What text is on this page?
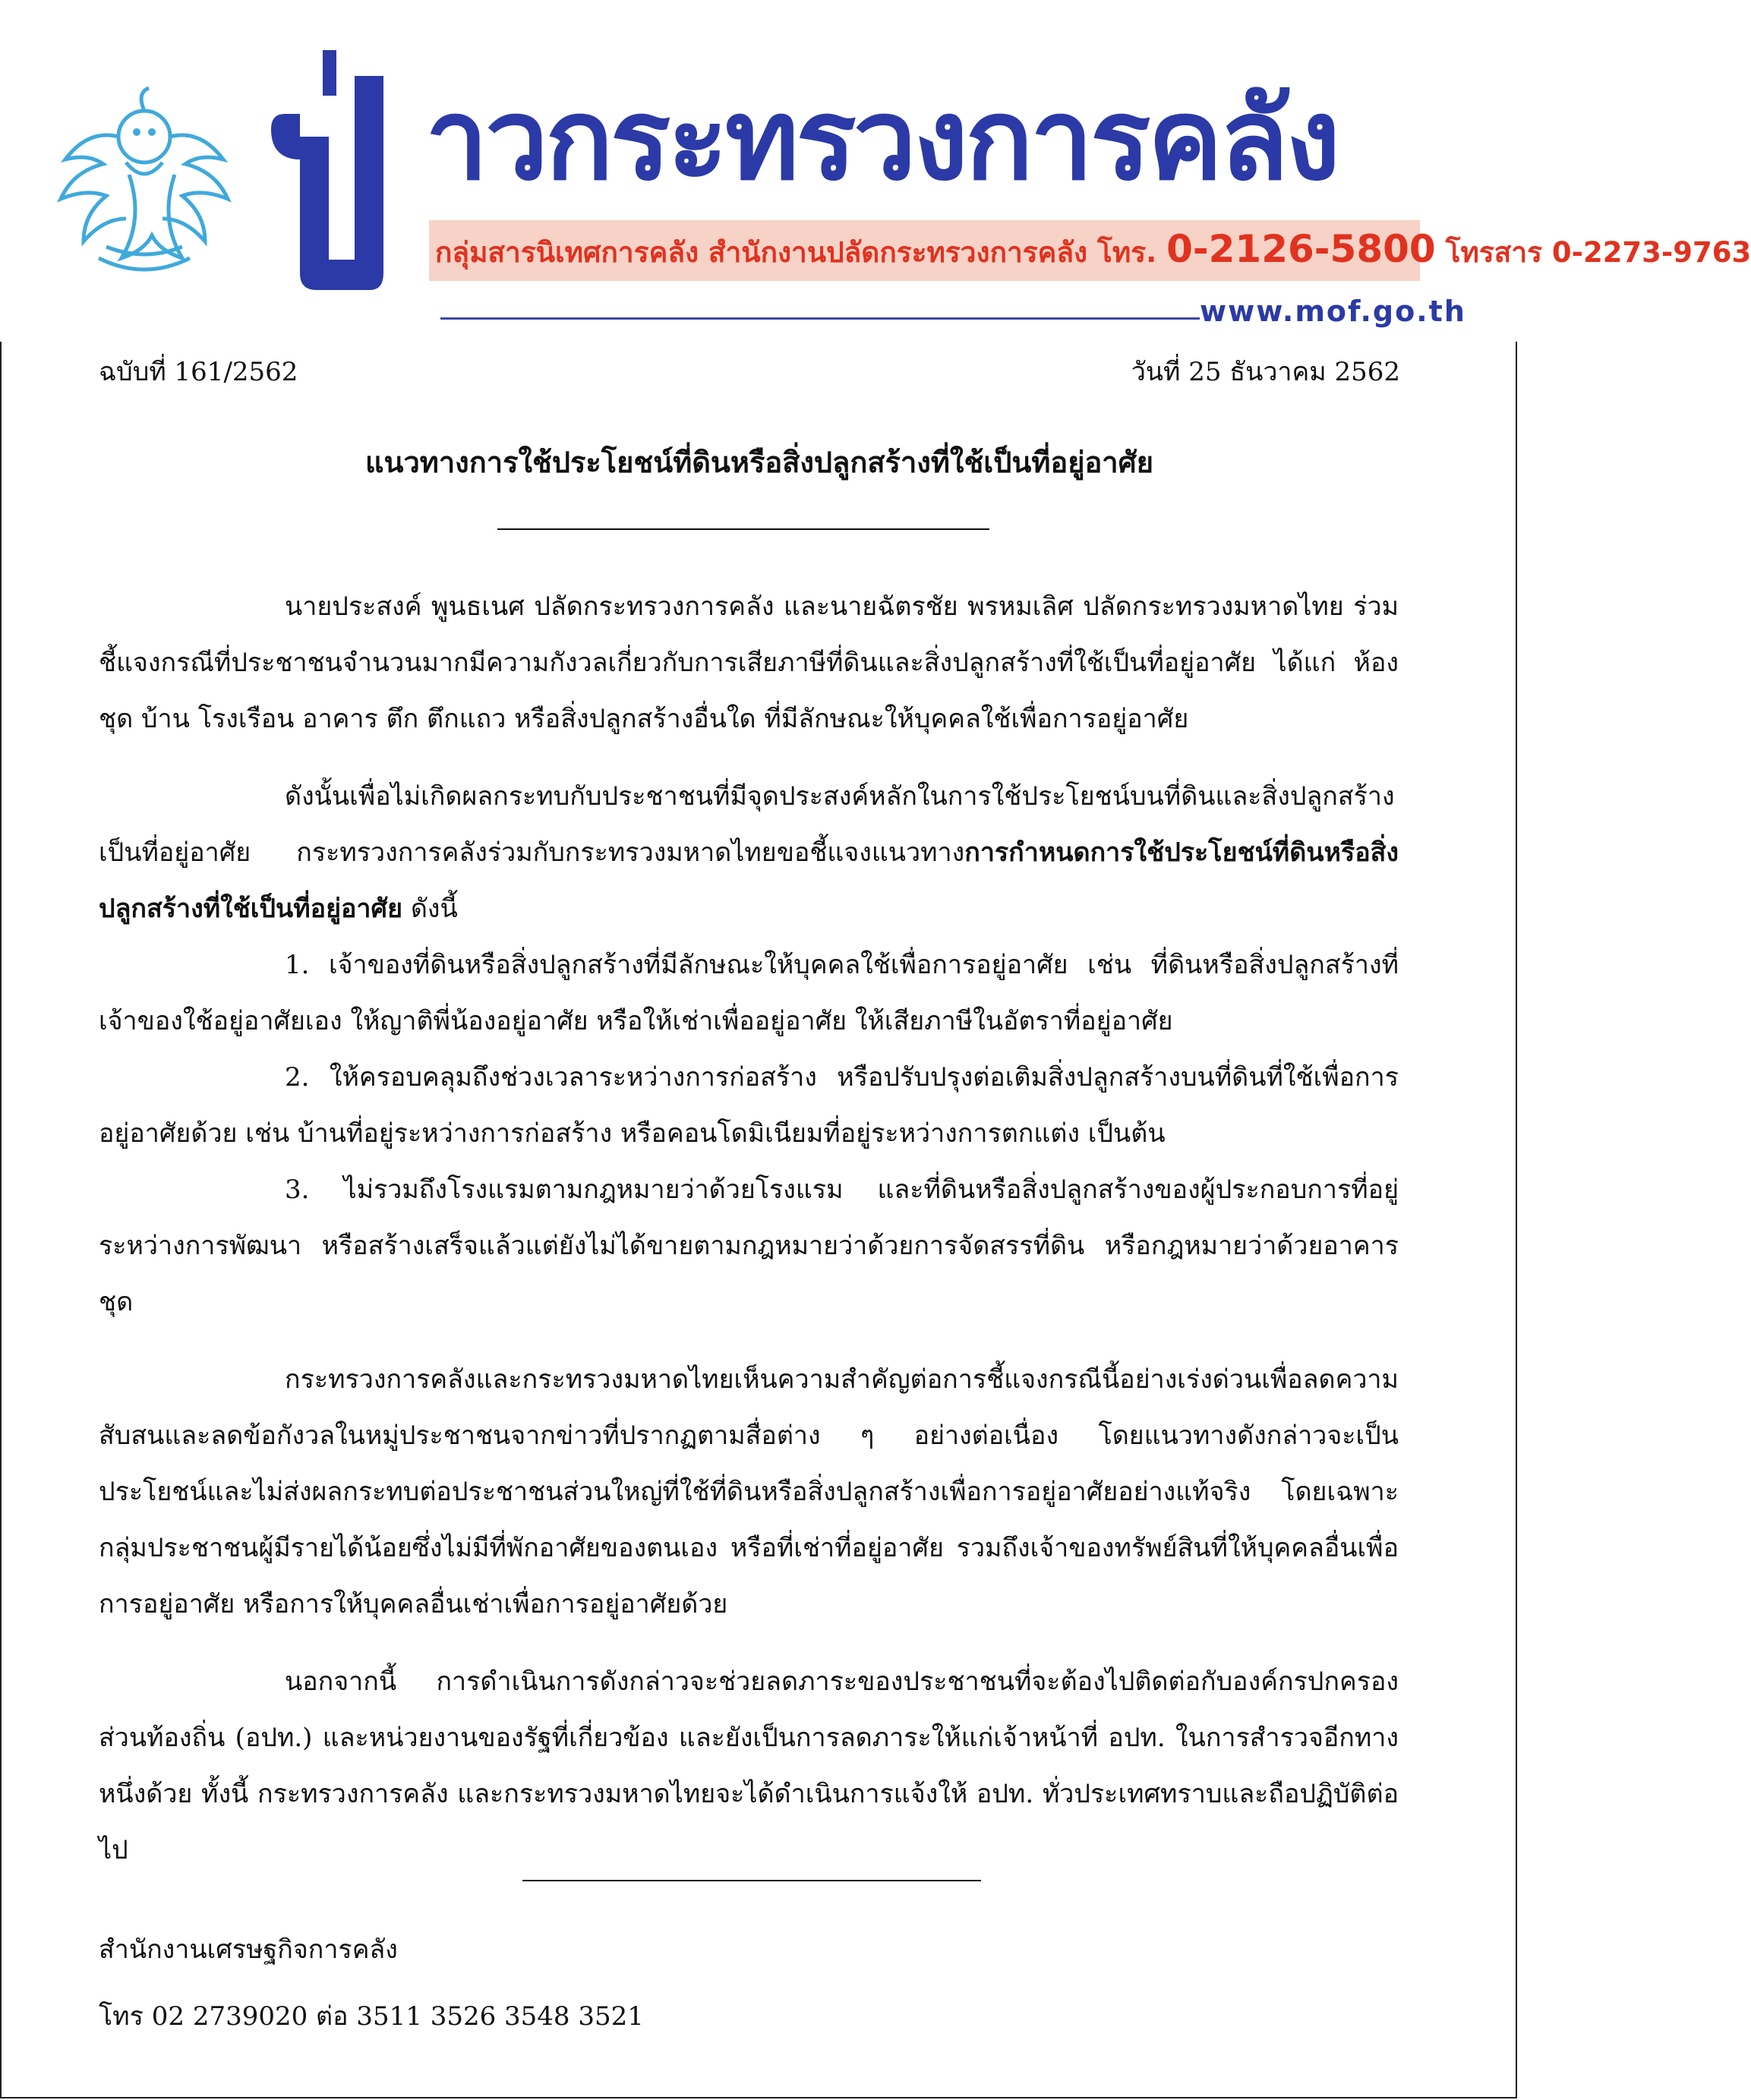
าวกระทรวงการคลัง
กลุ่มสารนิเทศการคลัง สำนักงานปลัดกระทรวงการคลัง โทร. 0-2126-5800 โทรสาร 0-2273-9763
www.mof.go.th
ฉบับที่ 161/2562	วันที่ 25 ธันวาคม 2562
แนวทางการใช้ประโยชน์ที่ดินหรือสิ่งปลูกสร้างที่ใช้เป็นที่อยู่อาศัย

นายประสงค์ พูนธเนศ ปลัดกระทรวงการคลัง และนายฉัตรชัย พรหมเลิศ ปลัดกระทรวงมหาดไทย ร่วมชี้แจงกรณีที่ประชาชนจำนวนมากมีความกังวลเกี่ยวกับการเสียภาษีที่ดินและสิ่งปลูกสร้างที่ใช้เป็นที่อยู่อาศัย ได้แก่ ห้องชุด บ้าน โรงเรือน อาคาร ตึก ตึกแถว หรือสิ่งปลูกสร้างอื่นใด ที่มีลักษณะให้บุคคลใช้เพื่อการอยู่อาศัย

ดังนั้นเพื่อไม่เกิดผลกระทบกับประชาชนที่มีจุดประสงค์หลักในการใช้ประโยชน์บนที่ดินและสิ่งปลูกสร้างเป็นที่อยู่อาศัย กระทรวงการคลังร่วมกับกระทรวงมหาดไทยขอชี้แจงแนวทางการกำหนดการใช้ประโยชน์ที่ดินหรือสิ่งปลูกสร้างที่ใช้เป็นที่อยู่อาศัย ดังนี้

1. เจ้าของที่ดินหรือสิ่งปลูกสร้างที่มีลักษณะให้บุคคลใช้เพื่อการอยู่อาศัย เช่น ที่ดินหรือสิ่งปลูกสร้างที่เจ้าของใช้อยู่อาศัยเอง ให้ญาติพี่น้องอยู่อาศัย หรือให้เช่าเพื่ออยู่อาศัย ให้เสียภาษีในอัตราที่อยู่อาศัย

2. ให้ครอบคลุมถึงช่วงเวลาระหว่างการก่อสร้าง หรือปรับปรุงต่อเติมสิ่งปลูกสร้างบนที่ดินที่ใช้เพื่อการอยู่อาศัยด้วย เช่น บ้านที่อยู่ระหว่างการก่อสร้าง หรือคอนโดมิเนียมที่อยู่ระหว่างการตกแต่ง เป็นต้น

3. ไม่รวมถึงโรงแรมตามกฎหมายว่าด้วยโรงแรม และที่ดินหรือสิ่งปลูกสร้างของผู้ประกอบการที่อยู่ระหว่างการพัฒนา หรือสร้างเสร็จแล้วแต่ยังไม่ได้ขายตามกฎหมายว่าด้วยการจัดสรรที่ดิน หรือกฎหมายว่าด้วยอาคารชุด

กระทรวงการคลังและกระทรวงมหาดไทยเห็นความสำคัญต่อการชี้แจงกรณีนี้อย่างเร่งด่วนเพื่อลดความสับสนและลดข้อกังวลในหมู่ประชาชนจากข่าวที่ปรากฏตามสื่อต่าง ๆ อย่างต่อเนื่อง โดยแนวทางดังกล่าวจะเป็นประโยชน์และไม่ส่งผลกระทบต่อประชาชนส่วนใหญ่ที่ใช้ที่ดินหรือสิ่งปลูกสร้างเพื่อการอยู่อาศัยอย่างแท้จริง โดยเฉพาะกลุ่มประชาชนผู้มีรายได้น้อยซึ่งไม่มีที่พักอาศัยของตนเอง หรือที่เช่าที่อยู่อาศัย รวมถึงเจ้าของทรัพย์สินที่ให้บุคคลอื่นเพื่อการอยู่อาศัย หรือการให้บุคคลอื่นเช่าเพื่อการอยู่อาศัยด้วย

นอกจากนี้ การดำเนินการดังกล่าวจะช่วยลดภาระของประชาชนที่จะต้องไปติดต่อกับองค์กรปกครองส่วนท้องถิ่น (อปท.) และหน่วยงานของรัฐที่เกี่ยวข้อง และยังเป็นการลดภาระให้แก่เจ้าหน้าที่ อปท. ในการสำรวจอีกทางหนึ่งด้วย ทั้งนี้ กระทรวงการคลัง และกระทรวงมหาดไทยจะได้ดำเนินการแจ้งให้ อปท. ทั่วประเทศทราบและถือปฏิบัติต่อไป

สำนักงานเศรษฐกิจการคลัง
โทร 02 2739020 ต่อ 3511 3526 3548 3521
